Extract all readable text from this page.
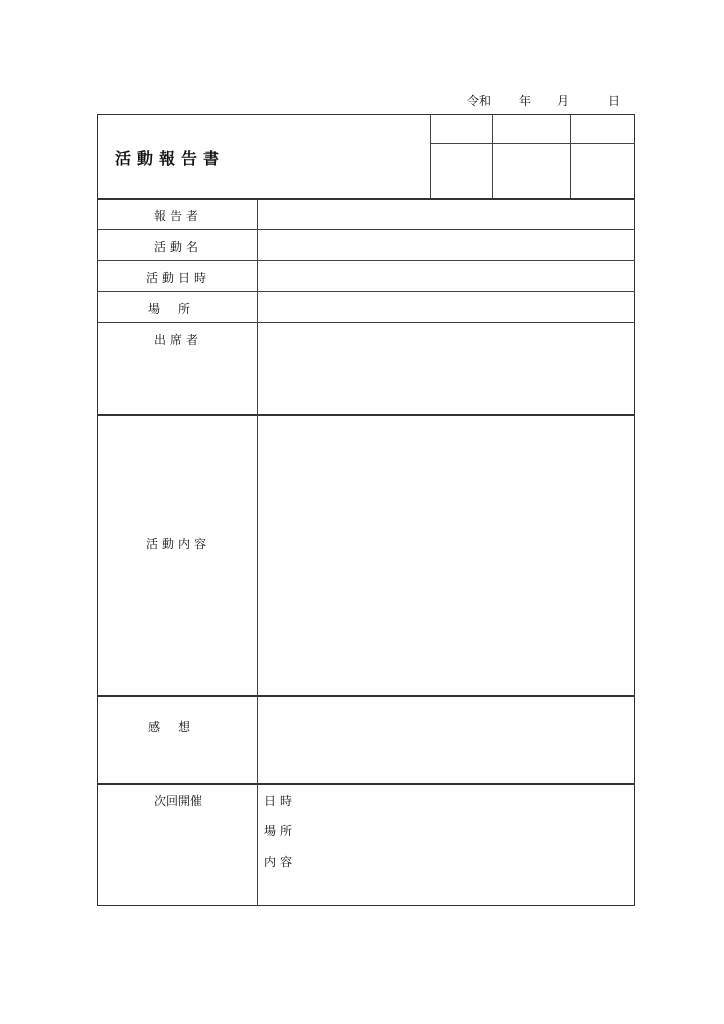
令和 年 月	日
活動報告書
報告者
活動名
活動日時
場所
出席者
活動内容
感想
次回開催	日時
場所
内容
